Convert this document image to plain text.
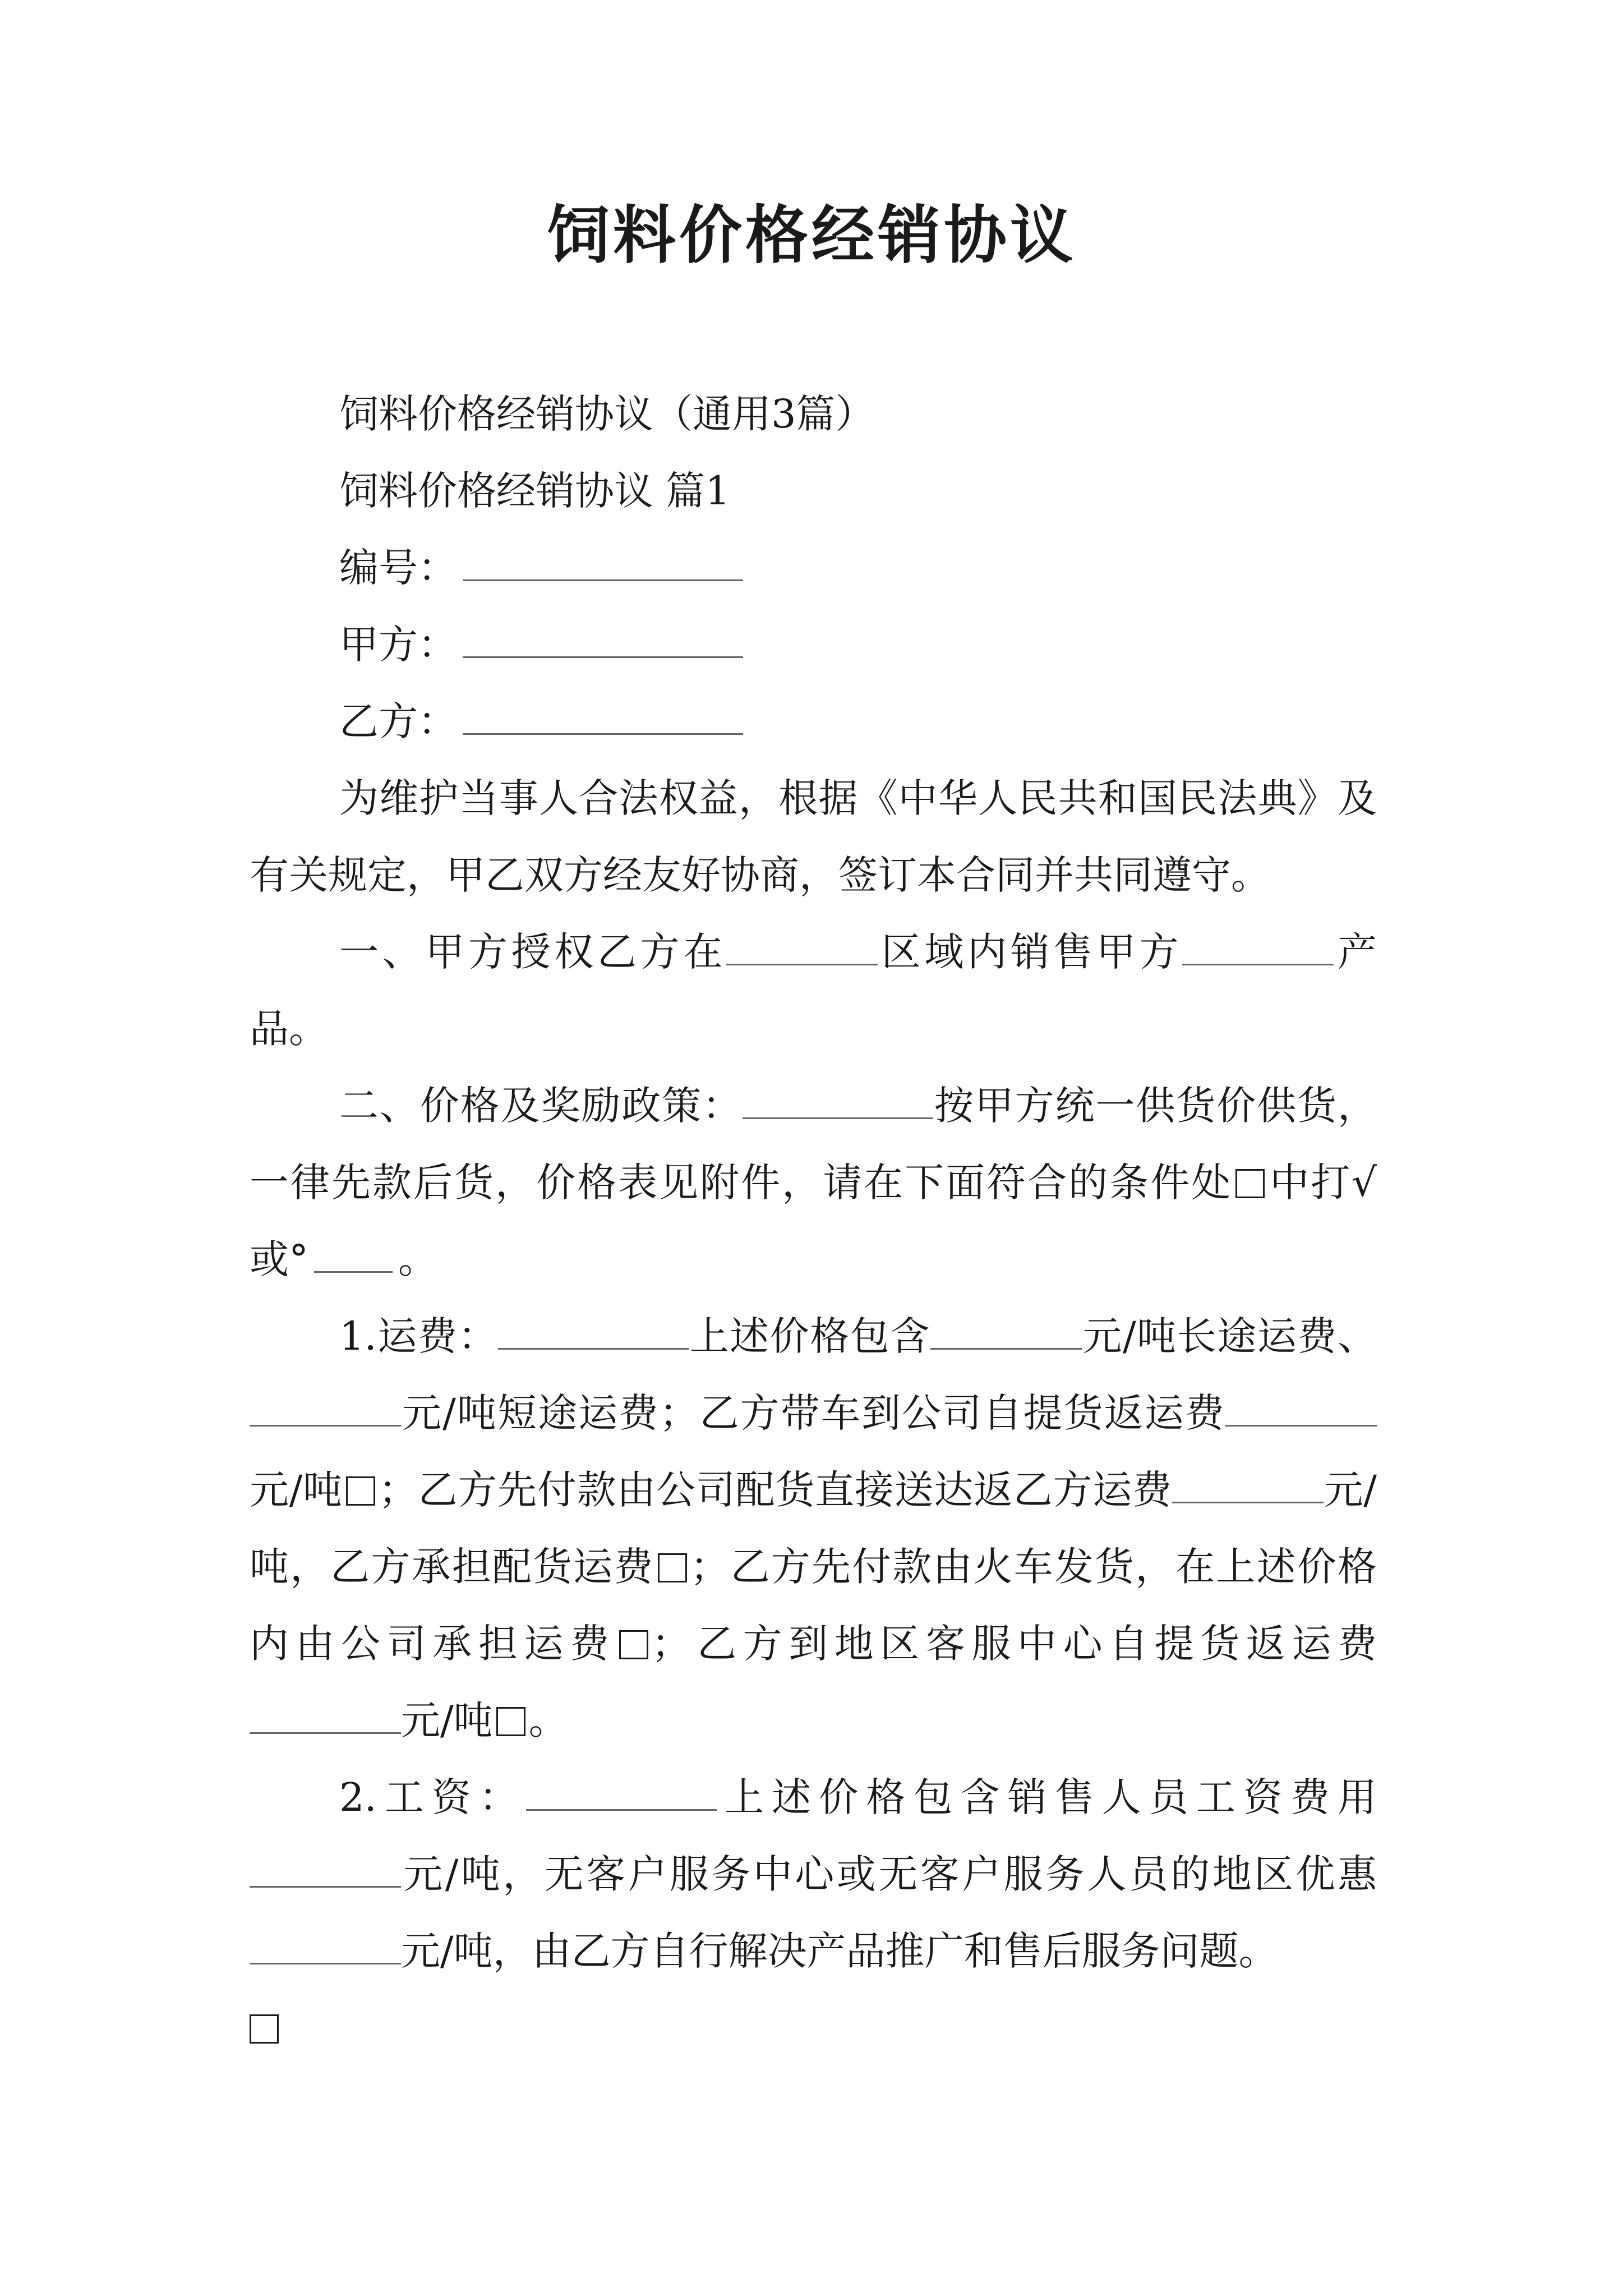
饲料价格经销协议

饲料价格经销协议（通用3篇）

饲料价格经销协议 篇1

编号：

甲方：

乙方：

为维护当事人合法权益，根据《中华人民共和国民法典》及有关规定，甲乙双方经友好协商，签订本合同并共同遵守。

一、甲方授权乙方在	区域内销售甲方	产品。

二、价格及奖励政策：	按甲方统一供货价供货，一律先款后货，价格表见附件，请在下面符合的条件处 中打√或° 。

1.运费：	上述价格包含	元/吨长途运费、元/吨短途运费；乙方带车到公司自提货返运费元/吨 ；乙方先付款由公司配货直接送达返乙方运费	元/吨，乙方承担配货运费 ；乙方先付款由火车发货，在上述价格内由公司承担运费 ；乙方到地区客服中心自提货返运费元/吨 。

2.工资：	上述价格包含销售人员工资费用元/吨，无客户服务中心或无客户服务人员的地区优惠元/吨，由乙方自行解决产品推广和售后服务问题。
